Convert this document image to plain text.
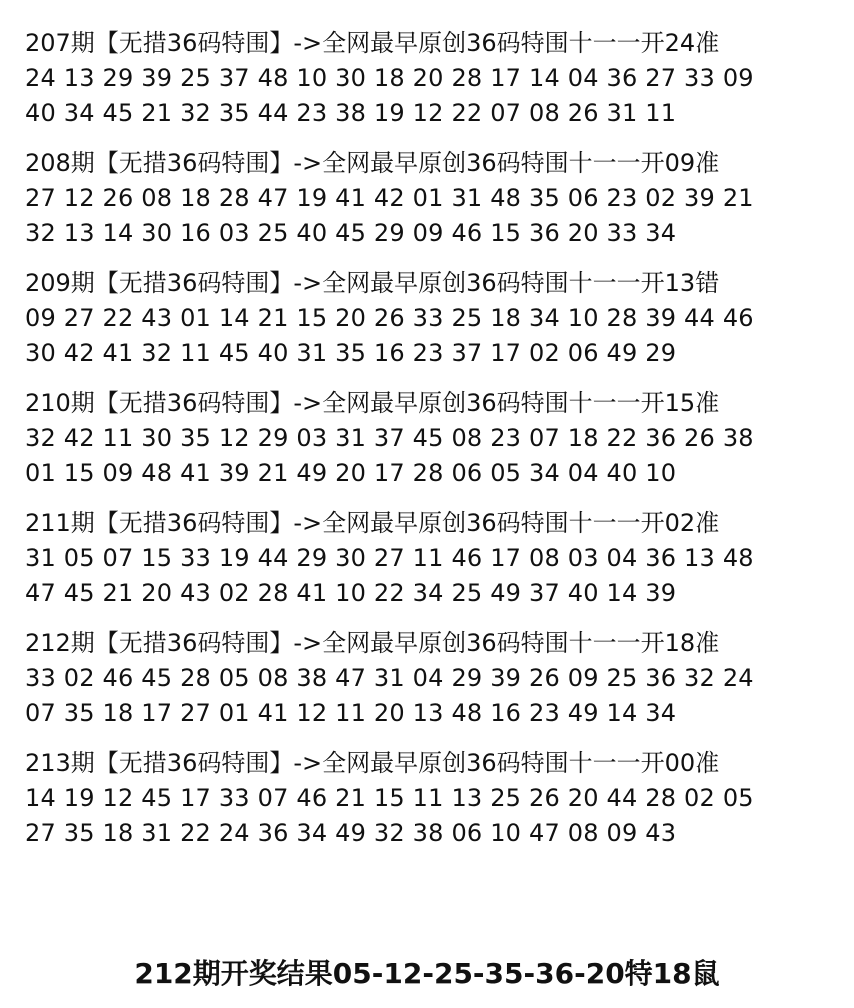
207期【无措36码特围】->全网最早原创36码特围十一一开24准
24 13 29 39 25 37 48 10 30 18 20 28 17 14 04 36 27 33 09
40 34 45 21 32 35 44 23 38 19 12 22 07 08 26 31 11
208期【无措36码特围】->全网最早原创36码特围十一一开09准
27 12 26 08 18 28 47 19 41 42 01 31 48 35 06 23 02 39 21
32 13 14 30 16 03 25 40 45 29 09 46 15 36 20 33 34
209期【无措36码特围】->全网最早原创36码特围十一一开13错
09 27 22 43 01 14 21 15 20 26 33 25 18 34 10 28 39 44 46
30 42 41 32 11 45 40 31 35 16 23 37 17 02 06 49 29
210期【无措36码特围】->全网最早原创36码特围十一一开15准
32 42 11 30 35 12 29 03 31 37 45 08 23 07 18 22 36 26 38
01 15 09 48 41 39 21 49 20 17 28 06 05 34 04 40 10
211期【无措36码特围】->全网最早原创36码特围十一一开02准
31 05 07 15 33 19 44 29 30 27 11 46 17 08 03 04 36 13 48
47 45 21 20 43 02 28 41 10 22 34 25 49 37 40 14 39
212期【无措36码特围】->全网最早原创36码特围十一一开18准
33 02 46 45 28 05 08 38 47 31 04 29 39 26 09 25 36 32 24
07 35 18 17 27 01 41 12 11 20 13 48 16 23 49 14 34
213期【无措36码特围】->全网最早原创36码特围十一一开00准
14 19 12 45 17 33 07 46 21 15 11 13 25 26 20 44 28 02 05
27 35 18 31 22 24 36 34 49 32 38 06 10 47 08 09 43
212期开奖结果05-12-25-35-36-20特18鼠
